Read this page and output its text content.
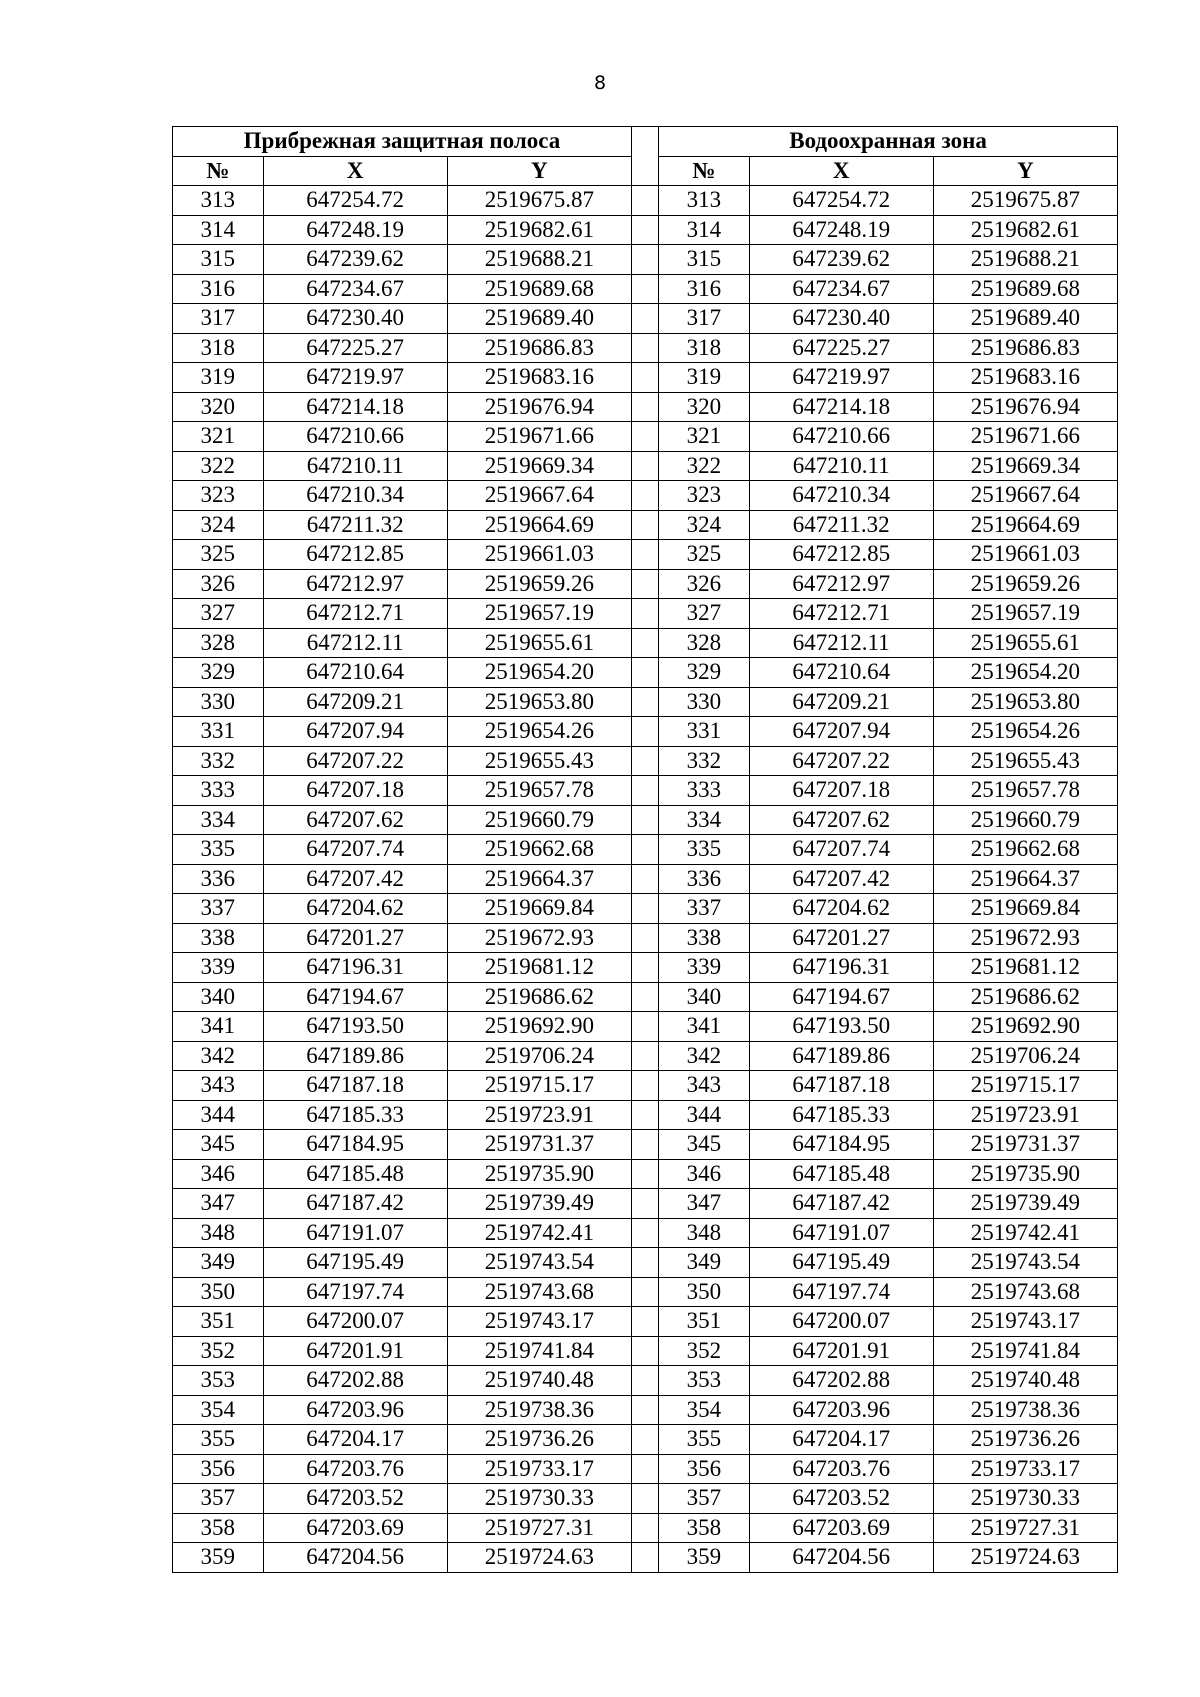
8
Прибрежная защитная полоса				Водоохранная зона		
№	X	Y		№	X	Y
313	647254.72	2519675.87		313	647254.72	2519675.87
314	647248.19	2519682.61		314	647248.19	2519682.61
315	647239.62	2519688.21		315	647239.62	2519688.21
316	647234.67	2519689.68		316	647234.67	2519689.68
317	647230.40	2519689.40		317	647230.40	2519689.40
318	647225.27	2519686.83		318	647225.27	2519686.83
319	647219.97	2519683.16		319	647219.97	2519683.16
320	647214.18	2519676.94		320	647214.18	2519676.94
321	647210.66	2519671.66		321	647210.66	2519671.66
322	647210.11	2519669.34		322	647210.11	2519669.34
323	647210.34	2519667.64		323	647210.34	2519667.64
324	647211.32	2519664.69		324	647211.32	2519664.69
325	647212.85	2519661.03		325	647212.85	2519661.03
326	647212.97	2519659.26		326	647212.97	2519659.26
327	647212.71	2519657.19		327	647212.71	2519657.19
328	647212.11	2519655.61		328	647212.11	2519655.61
329	647210.64	2519654.20		329	647210.64	2519654.20
330	647209.21	2519653.80		330	647209.21	2519653.80
331	647207.94	2519654.26		331	647207.94	2519654.26
332	647207.22	2519655.43		332	647207.22	2519655.43
333	647207.18	2519657.78		333	647207.18	2519657.78
334	647207.62	2519660.79		334	647207.62	2519660.79
335	647207.74	2519662.68		335	647207.74	2519662.68
336	647207.42	2519664.37		336	647207.42	2519664.37
337	647204.62	2519669.84		337	647204.62	2519669.84
338	647201.27	2519672.93		338	647201.27	2519672.93
339	647196.31	2519681.12		339	647196.31	2519681.12
340	647194.67	2519686.62		340	647194.67	2519686.62
341	647193.50	2519692.90		341	647193.50	2519692.90
342	647189.86	2519706.24		342	647189.86	2519706.24
343	647187.18	2519715.17		343	647187.18	2519715.17
344	647185.33	2519723.91		344	647185.33	2519723.91
345	647184.95	2519731.37		345	647184.95	2519731.37
346	647185.48	2519735.90		346	647185.48	2519735.90
347	647187.42	2519739.49		347	647187.42	2519739.49
348	647191.07	2519742.41		348	647191.07	2519742.41
349	647195.49	2519743.54		349	647195.49	2519743.54
350	647197.74	2519743.68		350	647197.74	2519743.68
351	647200.07	2519743.17		351	647200.07	2519743.17
352	647201.91	2519741.84		352	647201.91	2519741.84
353	647202.88	2519740.48		353	647202.88	2519740.48
354	647203.96	2519738.36		354	647203.96	2519738.36
355	647204.17	2519736.26		355	647204.17	2519736.26
356	647203.76	2519733.17		356	647203.76	2519733.17
357	647203.52	2519730.33		357	647203.52	2519730.33
358	647203.69	2519727.31		358	647203.69	2519727.31
359	647204.56	2519724.63		359	647204.56	2519724.63
